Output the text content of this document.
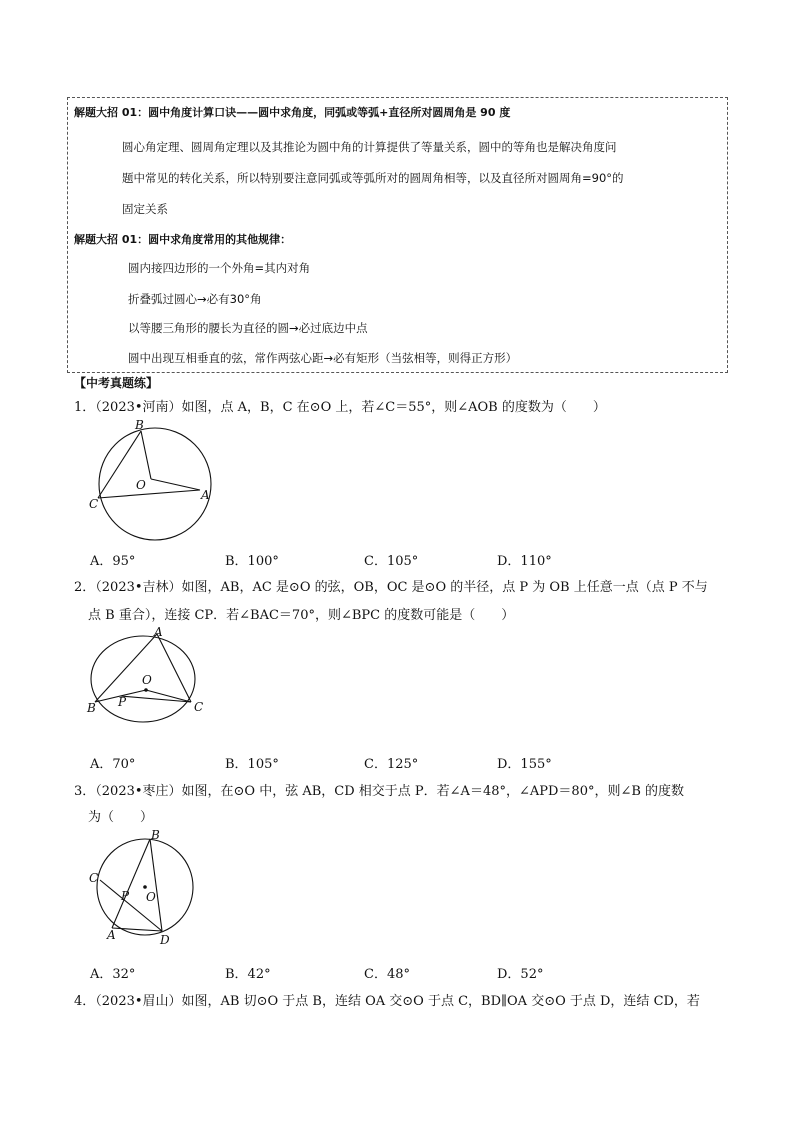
解题大招 01：圆中角度计算口诀——圆中求角度，同弧或等弧+直径所对圆周角是 90 度
圆心角定理、圆周角定理以及其推论为圆中角的计算提供了等量关系，圆中的等角也是解决角度问
题中常见的转化关系，所以特别要注意同弧或等弧所对的圆周角相等，以及直径所对圆周角=90°的
固定关系
解题大招 01：圆中求角度常用的其他规律：
圆内接四边形的一个外角=其内对角
折叠弧过圆心→必有30°角
以等腰三角形的腰长为直径的圆→必过底边中点
圆中出现互相垂直的弦，常作两弦心距→必有矩形（当弦相等，则得正方形）
【中考真题练】
1．（2023•河南）如图，点 A，B，C 在⊙O 上，若∠C＝55°，则∠AOB 的度数为（　　）
B
O
A
C
A．95°	B．100°	C．105°	D．110°
2．（2023•吉林）如图，AB，AC 是⊙O 的弦，OB，OC 是⊙O 的半径，点 P 为 OB 上任意一点（点 P 不与
点 B 重合），连接 CP．若∠BAC＝70°，则∠BPC 的度数可能是（　　）
A
O
P
B	C
A．70°	B．105°	C．125°	D．155°
3．（2023•枣庄）如图，在⊙O 中，弦 AB，CD 相交于点 P．若∠A＝48°，∠APD＝80°，则∠B 的度数
为（　　）
B
C
P O
A	D
A．32°	B．42°	C．48°	D．52°
4．（2023•眉山）如图，AB 切⊙O 于点 B，连结 OA 交⊙O 于点 C，BD∥OA 交⊙O 于点 D，连结 CD，若
